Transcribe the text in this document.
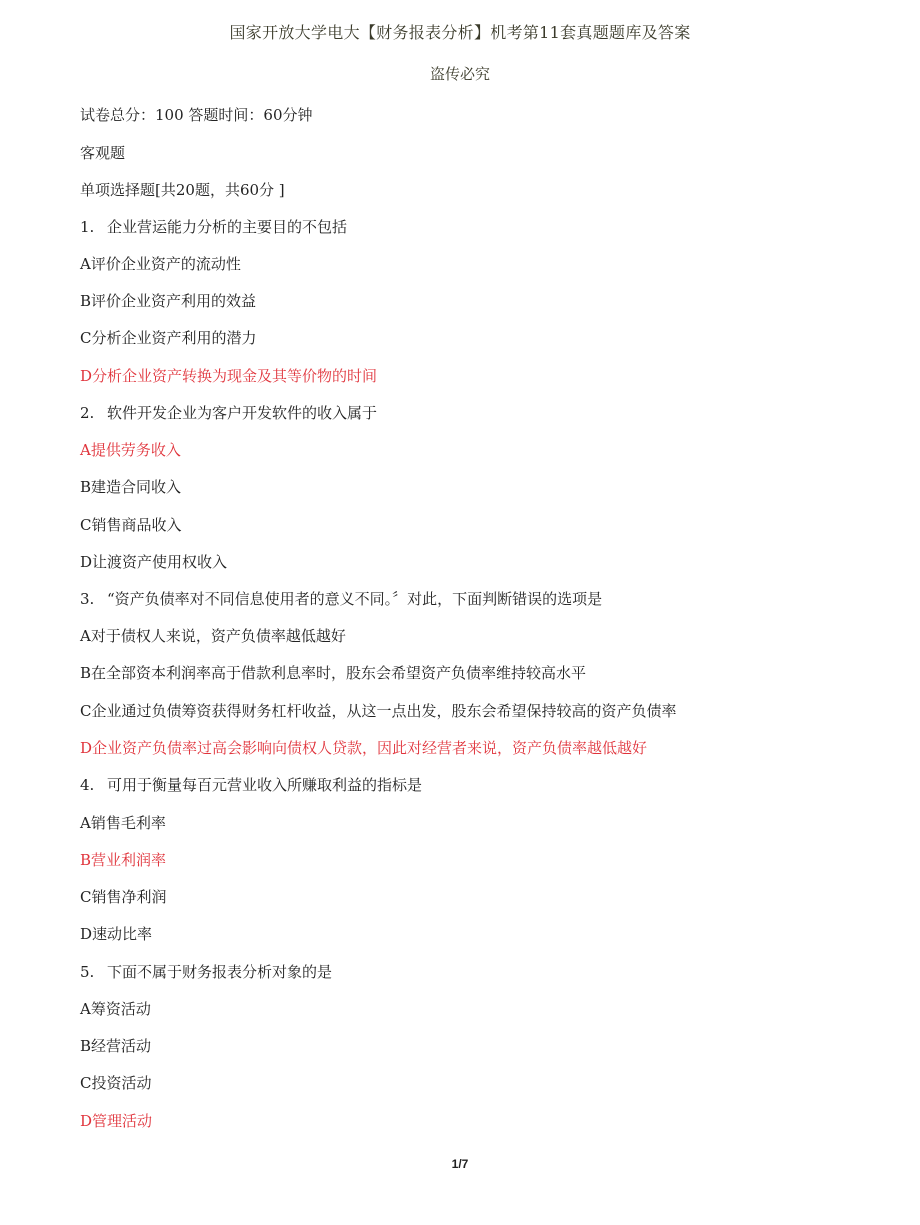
国家开放大学电大【财务报表分析】机考第11套真题题库及答案
盗传必究
试卷总分：100 答题时间：60分钟
客观题
单项选择题[共20题，共60分 ]
1. 企业营运能力分析的主要目的不包括
A评价企业资产的流动性
B评价企业资产利用的效益
C分析企业资产利用的潜力
D分析企业资产转换为现金及其等价物的时间
2. 软件开发企业为客户开发软件的收入属于
A提供劳务收入
B建造合同收入
C销售商品收入
D让渡资产使用权收入
3. “资产负债率对不同信息使用者的意义不同。〞对此，下面判断错误的选项是
A对于债权人来说，资产负债率越低越好
B在全部资本利润率高于借款利息率时，股东会希望资产负债率维持较高水平
C企业通过负债筹资获得财务杠杆收益，从这一点出发，股东会希望保持较高的资产负债率
D企业资产负债率过高会影响向债权人贷款，因此对经营者来说，资产负债率越低越好
4. 可用于衡量每百元营业收入所赚取利益的指标是
A销售毛利率
B营业利润率
C销售净利润
D速动比率
5. 下面不属于财务报表分析对象的是
A筹资活动
B经营活动
C投资活动
D管理活动
1/7
